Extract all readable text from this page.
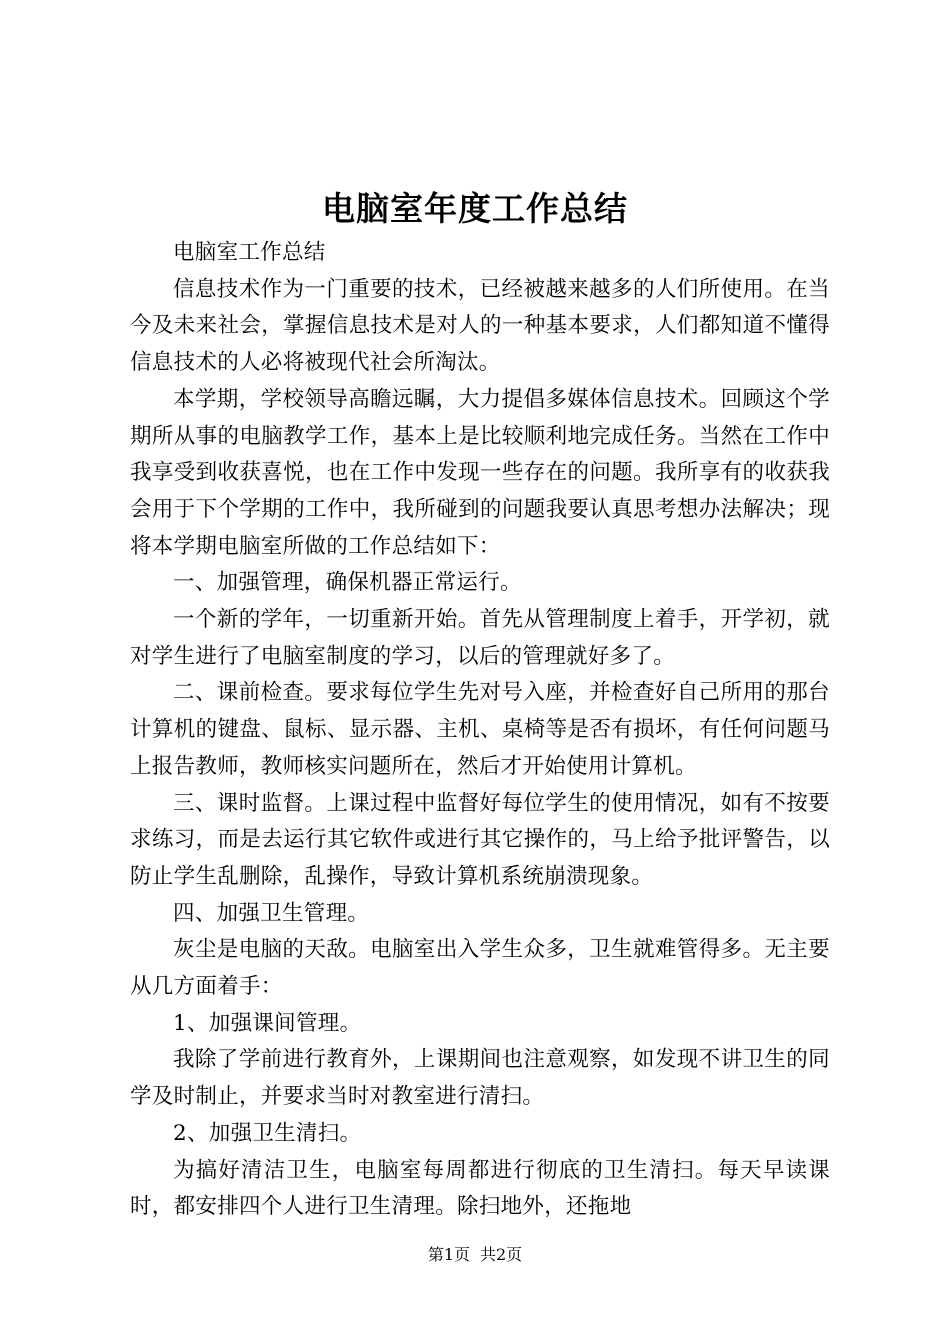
电脑室年度工作总结

电脑室工作总结

信息技术作为一门重要的技术，已经被越来越多的人们所使用。在当今及未来社会，掌握信息技术是对人的一种基本要求，人们都知道不懂得信息技术的人必将被现代社会所淘汰。

本学期，学校领导高瞻远瞩，大力提倡多媒体信息技术。回顾这个学期所从事的电脑教学工作，基本上是比较顺利地完成任务。当然在工作中我享受到收获喜悦，也在工作中发现一些存在的问题。我所享有的收获我会用于下个学期的工作中，我所碰到的问题我要认真思考想办法解决；现将本学期电脑室所做的工作总结如下：

一、加强管理，确保机器正常运行。

一个新的学年，一切重新开始。首先从管理制度上着手，开学初，就对学生进行了电脑室制度的学习，以后的管理就好多了。

二、课前检查。要求每位学生先对号入座，并检查好自己所用的那台计算机的键盘、鼠标、显示器、主机、桌椅等是否有损坏，有任何问题马上报告教师，教师核实问题所在，然后才开始使用计算机。

三、课时监督。上课过程中监督好每位学生的使用情况，如有不按要求练习，而是去运行其它软件或进行其它操作的，马上给予批评警告，以防止学生乱删除，乱操作，导致计算机系统崩溃现象。

四、加强卫生管理。

灰尘是电脑的天敌。电脑室出入学生众多，卫生就难管得多。无主要从几方面着手：

1、加强课间管理。

我除了学前进行教育外，上课期间也注意观察，如发现不讲卫生的同学及时制止，并要求当时对教室进行清扫。

2、加强卫生清扫。

为搞好清洁卫生，电脑室每周都进行彻底的卫生清扫。每天早读课时，都安排四个人进行卫生清理。除扫地外，还拖地

第1页 共2页
